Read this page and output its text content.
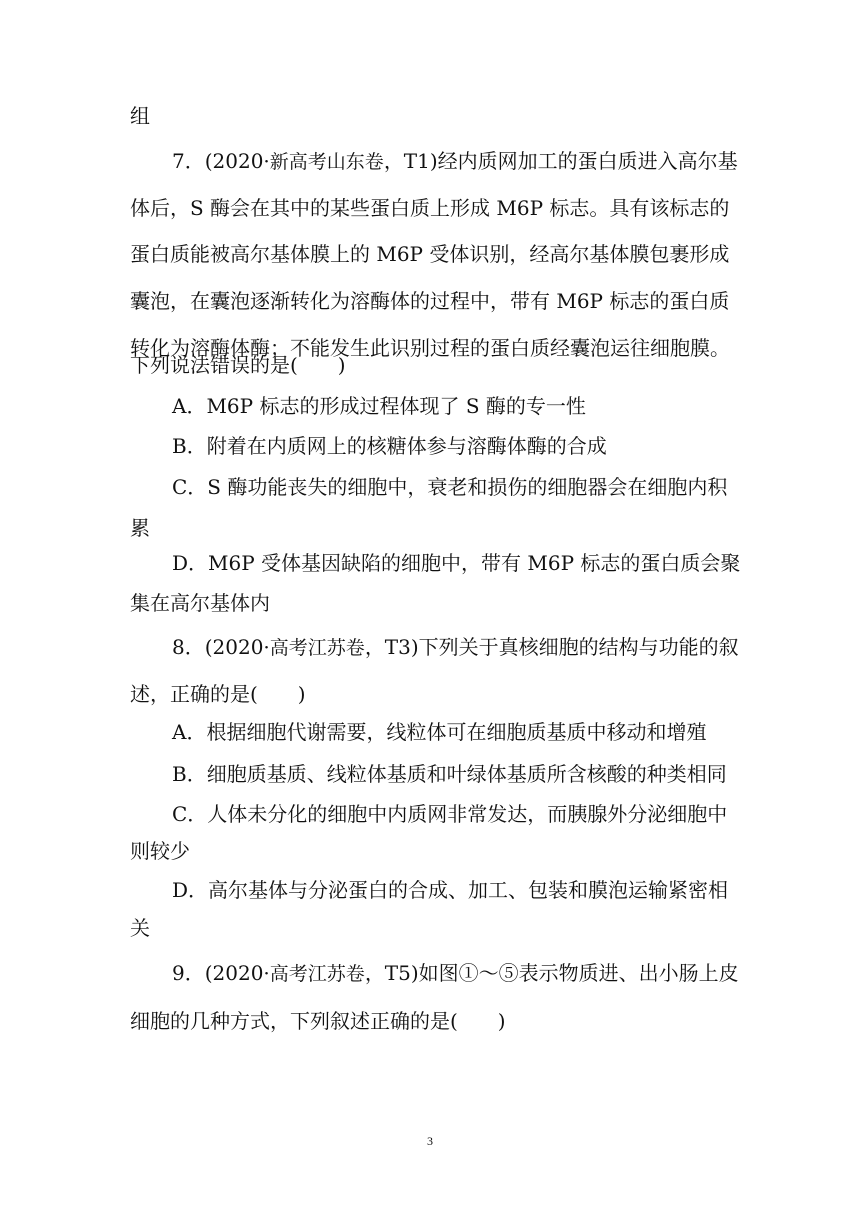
组
7．(2020·新高考山东卷，T1)经内质网加工的蛋白质进入高尔基
体后，S 酶会在其中的某些蛋白质上形成 M6P 标志。具有该标志的
蛋白质能被高尔基体膜上的 M6P 受体识别，经高尔基体膜包裹形成
囊泡，在囊泡逐渐转化为溶酶体的过程中，带有 M6P 标志的蛋白质
转化为溶酶体酶；不能发生此识别过程的蛋白质经囊泡运往细胞膜。
下列说法错误的是(　　)
A．M6P 标志的形成过程体现了 S 酶的专一性
B．附着在内质网上的核糖体参与溶酶体酶的合成
C．S 酶功能丧失的细胞中，衰老和损伤的细胞器会在细胞内积
累
D．M6P 受体基因缺陷的细胞中，带有 M6P 标志的蛋白质会聚
集在高尔基体内
8．(2020·高考江苏卷，T3)下列关于真核细胞的结构与功能的叙
述，正确的是(　　)
A．根据细胞代谢需要，线粒体可在细胞质基质中移动和增殖
B．细胞质基质、线粒体基质和叶绿体基质所含核酸的种类相同
C．人体未分化的细胞中内质网非常发达，而胰腺外分泌细胞中
则较少
D．高尔基体与分泌蛋白的合成、加工、包装和膜泡运输紧密相
关
9．(2020·高考江苏卷，T5)如图①～⑤表示物质进、出小肠上皮
细胞的几种方式，下列叙述正确的是(　　)
3
